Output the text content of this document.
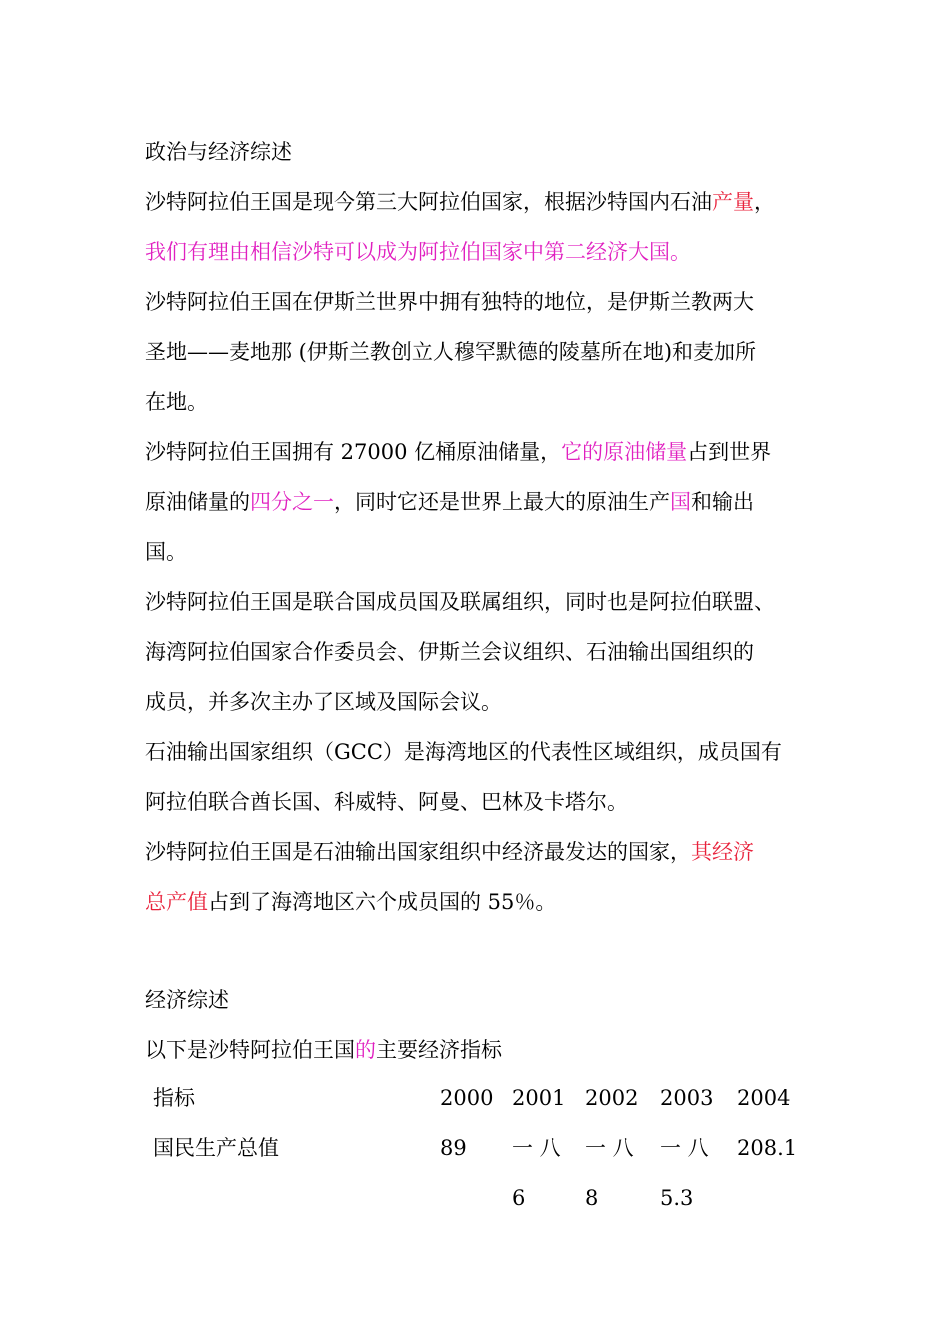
政治与经济综述
沙特阿拉伯王国是现今第三大阿拉伯国家，根据沙特国内石油产量，
我们有理由相信沙特可以成为阿拉伯国家中第二经济大国。
沙特阿拉伯王国在伊斯兰世界中拥有独特的地位，是伊斯兰教两大
圣地——麦地那 (伊斯兰教创立人穆罕默德的陵墓所在地)和麦加所
在地。
沙特阿拉伯王国拥有 27000 亿桶原油储量，它的原油储量占到世界
原油储量的四分之一，同时它还是世界上最大的原油生产国和输出
国。
沙特阿拉伯王国是联合国成员国及联属组织，同时也是阿拉伯联盟、
海湾阿拉伯国家合作委员会、伊斯兰会议组织、石油输出国组织的
成员，并多次主办了区域及国际会议。
石油输出国家组织（GCC）是海湾地区的代表性区域组织，成员国有
阿拉伯联合酋长国、科威特、阿曼、巴林及卡塔尔。
沙特阿拉伯王国是石油输出国家组织中经济最发达的国家，其经济
总产值占到了海湾地区六个成员国的 55％。
经济综述
以下是沙特阿拉伯王国的主要经济指标
指标	2000 2001 2002 2003 2004
国民生产总值	89 一 八
6
一 八
8
一 八
5.3
208.1
